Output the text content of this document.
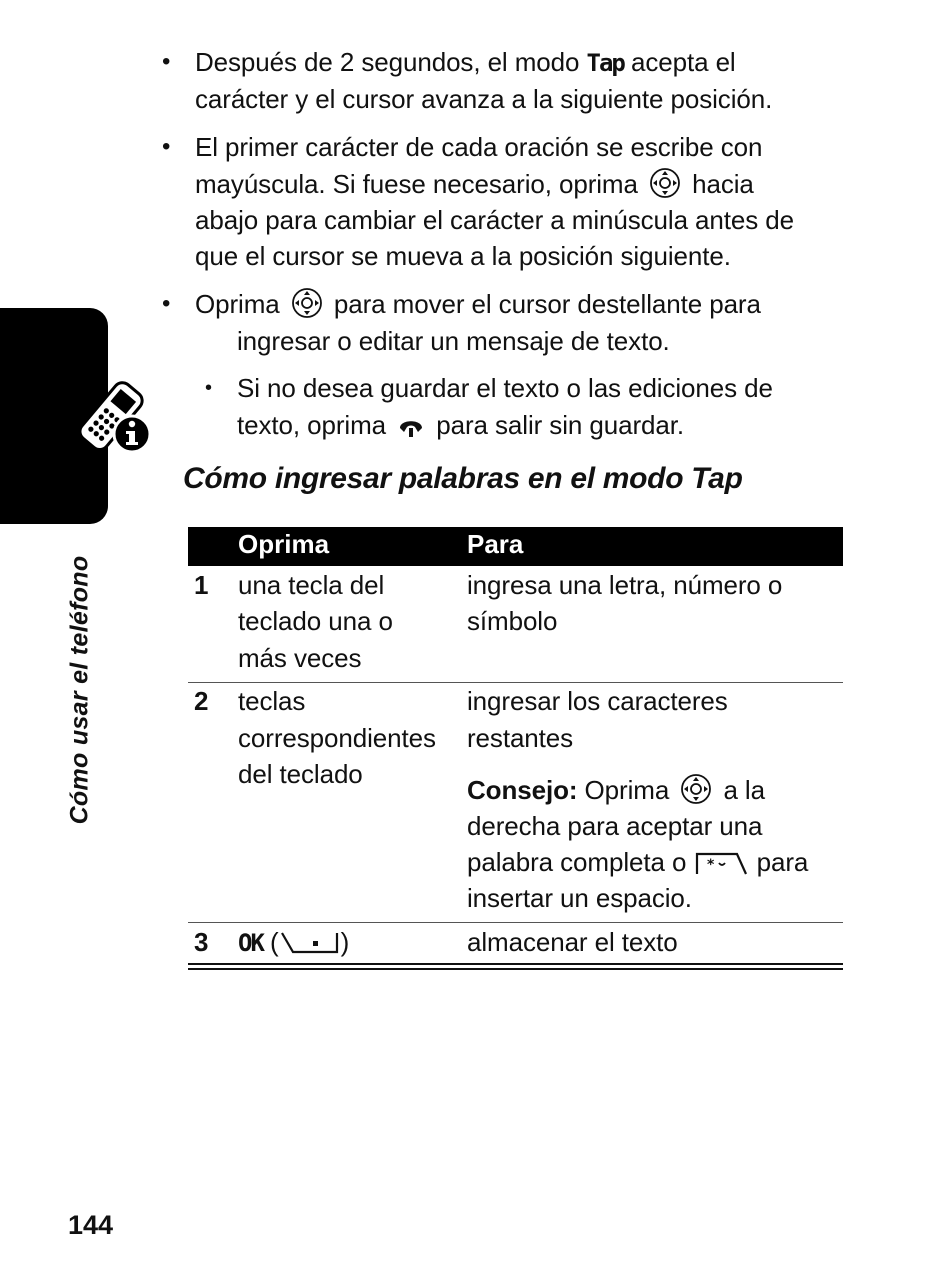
Cómo usar el teléfono
• Después de 2 segundos, el modo Tap acepta el
carácter y el cursor avanza a la siguiente posición.
• El primer carácter de cada oración se escribe con
mayúscula. Si fuese necesario, oprima hacia
abajo para cambiar el carácter a minúscula antes de
que el cursor se mueva a la posición siguiente.
• Oprima para mover el cursor destellante para
ingresar o editar un mensaje de texto.
• Si no desea guardar el texto o las ediciones de
texto, oprima para salir sin guardar.
Cómo ingresar palabras en el modo Tap
Oprima	Para
1 una tecla del
teclado una o
más veces
ingresa una letra, número o
símbolo
2 teclas
correspondientes
del teclado
ingresar los caracteres
restantes
Consejo: Oprima a la
derecha para aceptar una
palabra completa o * para
insertar un espacio.
3 OK ( )	almacenar el texto
144
